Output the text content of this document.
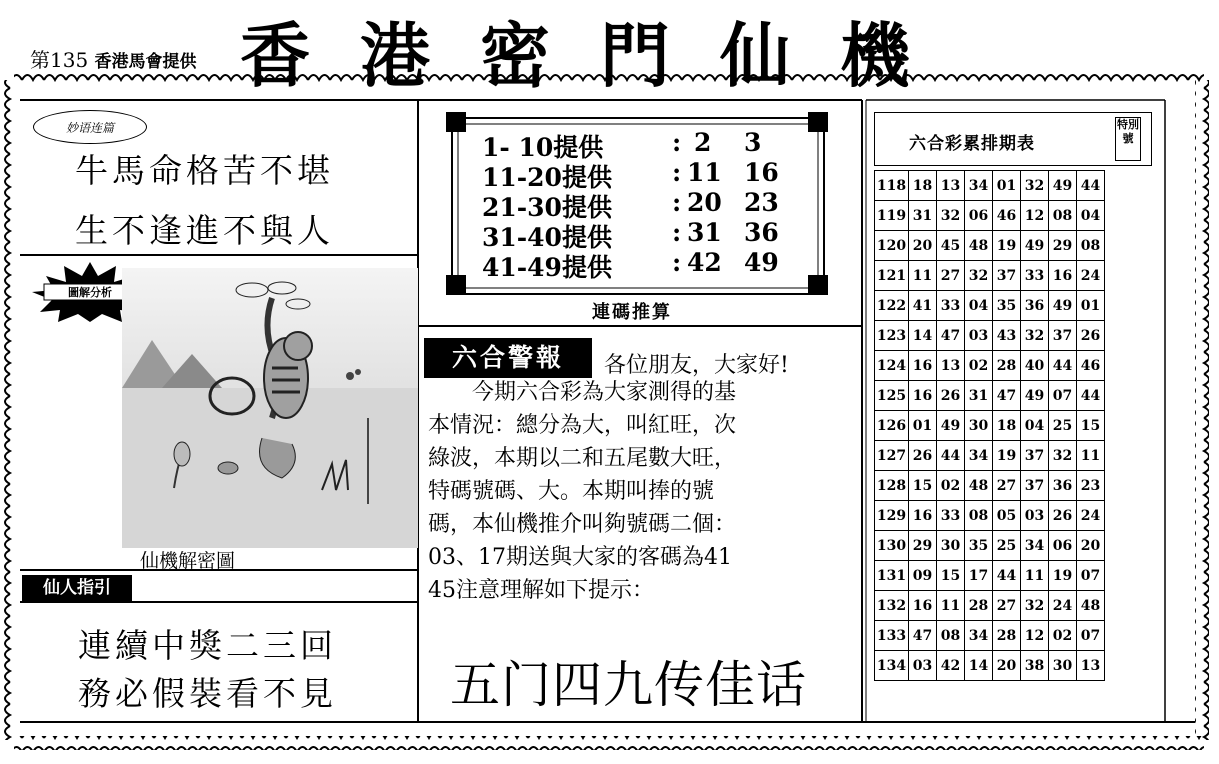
第135 香港馬會提供 香港密門仙機
妙语连篇
牛馬命格苦不堪
生不逢進不與人
圖解分析
仙機解密圖
仙人指引
連續中獎二三回
務必假裝看不見
1- 10提供	: 2 3
11-20提供 : 11 16
21-30提供 : 20 23
31-40提供 : 31 36
41-49提供 : 42 49
連碼推算
六合警報	各位朋友，大家好!
　　今期六合彩為大家測得的基
本情況：總分為大，叫紅旺，次
綠波，本期以二和五尾數大旺，
特碼號碼、大。本期叫捧的號
碼，本仙機推介叫夠號碼二個：
03、17期送與大家的客碼為41
45注意理解如下提示：
五门四九传佳话
六合彩累排期表
特別號
118	18	13	34	01	32	49	44
119	31	32	06	46	12	08	04
120	20	45	48	19	49	29	08
121	11	27	32	37	33	16	24
122	41	33	04	35	36	49	01
123	14	47	03	43	32	37	26
124	16	13	02	28	40	44	46
125	16	26	31	47	49	07	44
126	01	49	30	18	04	25	15
127	26	44	34	19	37	32	11
128	15	02	48	27	37	36	23
129	16	33	08	05	03	26	24
130	29	30	35	25	34	06	20
131	09	15	17	44	11	19	07
132	16	11	28	27	32	24	48
133	47	08	34	28	12	02	07
134	03	42	14	20	38	30	13
